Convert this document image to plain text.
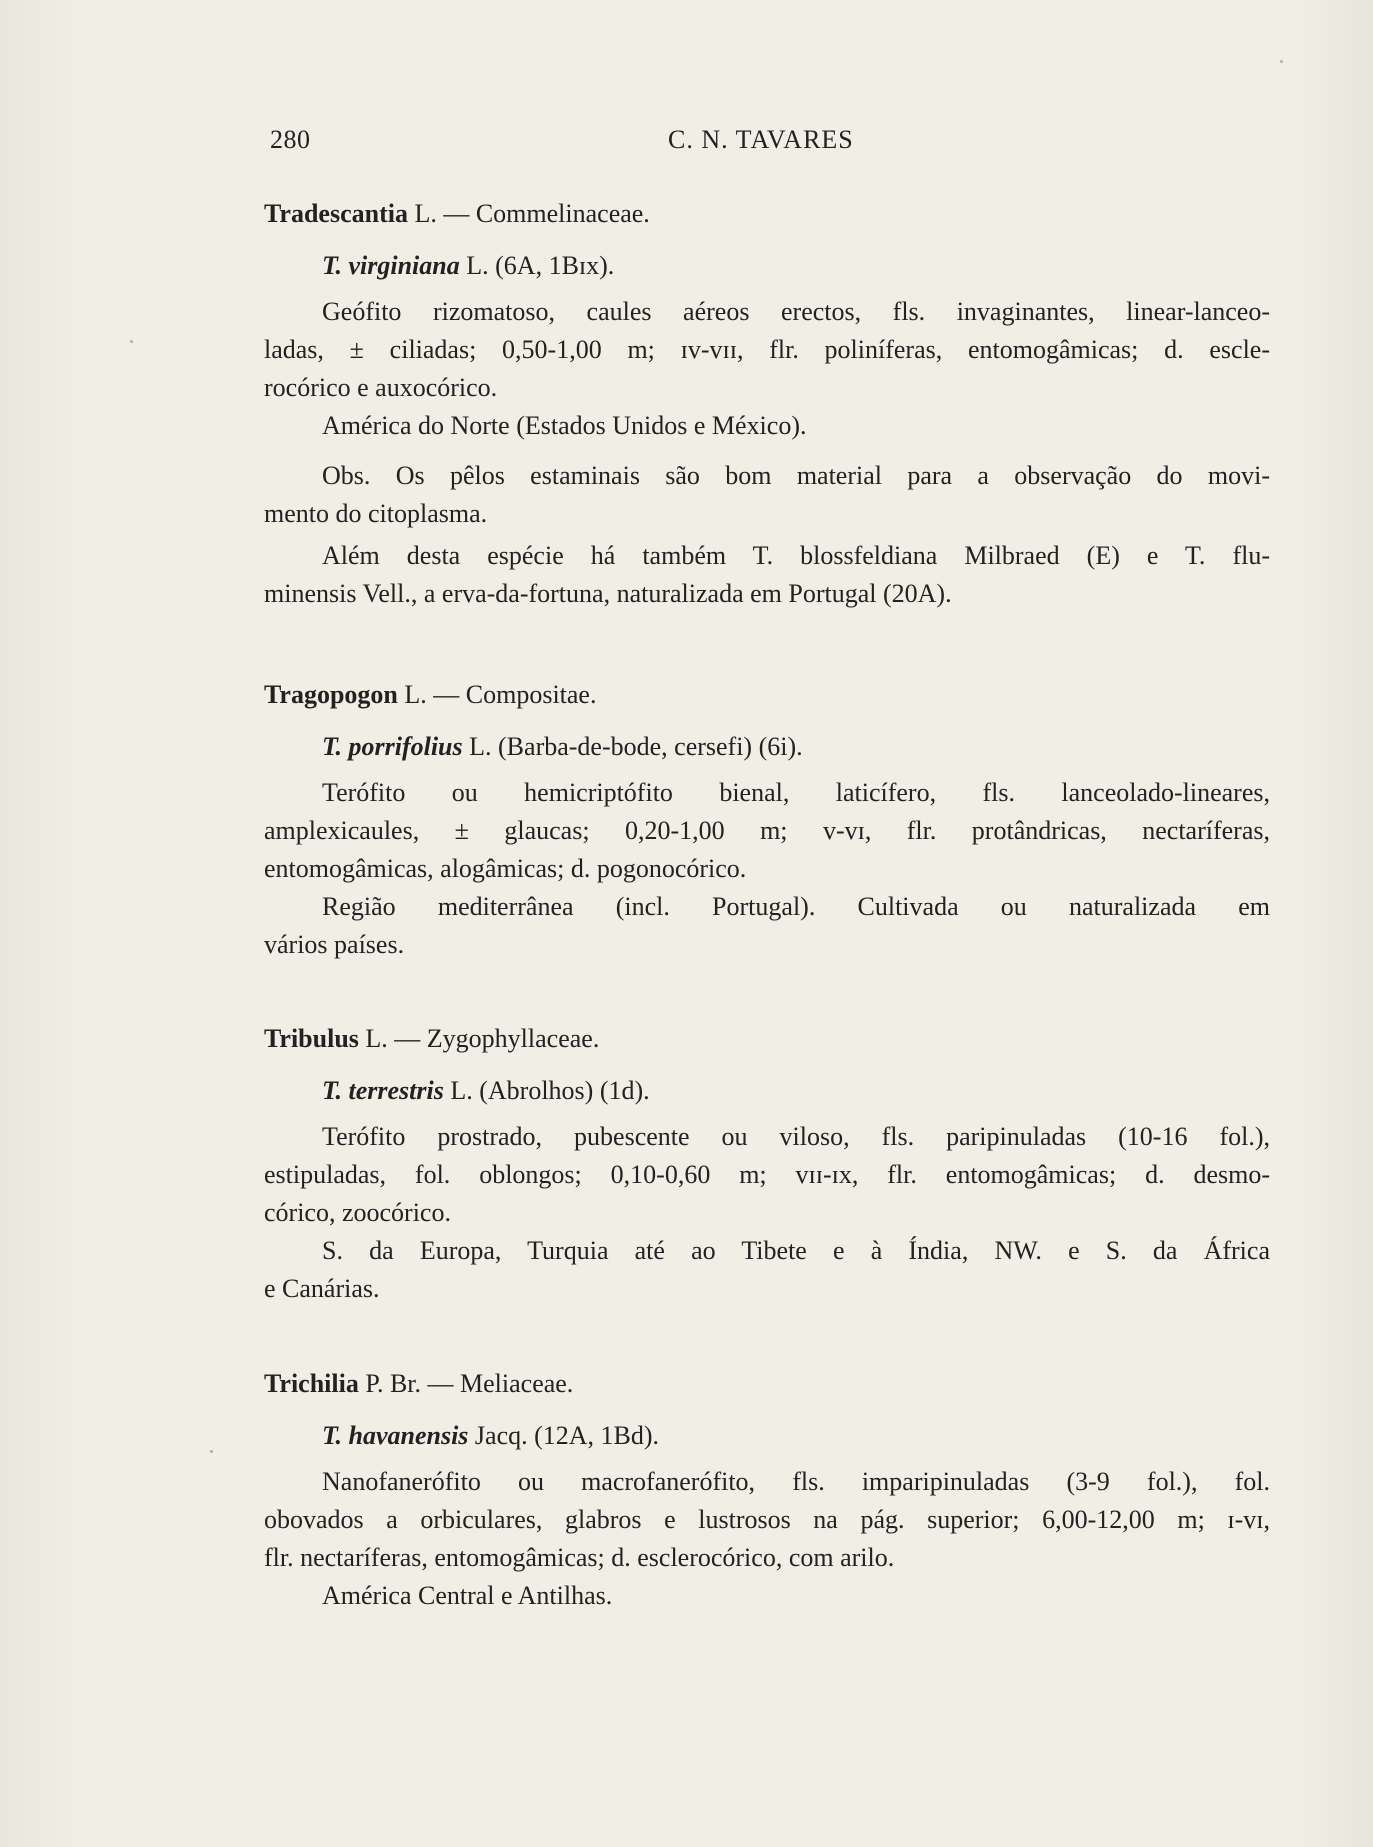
280	C. N. TAVARES
Tradescantia L. — Commelinaceae.
T. virginiana L. (6A, 1Bɪx).
Geófito rizomatoso, caules aéreos erectos, fls. invaginantes, linear-lanceo-
ladas, ± ciliadas; 0,50-1,00 m; ɪᴠ-ᴠɪɪ, flr. poliníferas, entomogâmicas; d. escle-
rocórico e auxocórico.
América do Norte (Estados Unidos e México).
Obs. Os pêlos estaminais são bom material para a observação do movi-
mento do citoplasma.
Além desta espécie há também T. blossfeldiana Milbraed (E) e T. flu-
minensis Vell., a erva-da-fortuna, naturalizada em Portugal (20A).
Tragopogon L. — Compositae.
T. porrifolius L. (Barba-de-bode, cersefi) (6i).
Terófito ou hemicriptófito bienal, laticífero, fls. lanceolado-lineares,
amplexicaules, ± glaucas; 0,20-1,00 m; ᴠ-ᴠɪ, flr. protândricas, nectaríferas,
entomogâmicas, alogâmicas; d. pogonocórico.
Região mediterrânea (incl. Portugal). Cultivada ou naturalizada em
vários países.
Tribulus L. — Zygophyllaceae.
T. terrestris L. (Abrolhos) (1d).
Terófito prostrado, pubescente ou viloso, fls. paripinuladas (10-16 fol.),
estipuladas, fol. oblongos; 0,10-0,60 m; ᴠɪɪ-ɪx, flr. entomogâmicas; d. desmo-
córico, zoocórico.
S. da Europa, Turquia até ao Tibete e à Índia, NW. e S. da África
e Canárias.
Trichilia P. Br. — Meliaceae.
T. havanensis Jacq. (12A, 1Bd).
Nanofanerófito ou macrofanerófito, fls. imparipinuladas (3-9 fol.), fol.
obovados a orbiculares, glabros e lustrosos na pág. superior; 6,00-12,00 m; ɪ-ᴠɪ,
flr. nectaríferas, entomogâmicas; d. esclerocórico, com arilo.
América Central e Antilhas.
